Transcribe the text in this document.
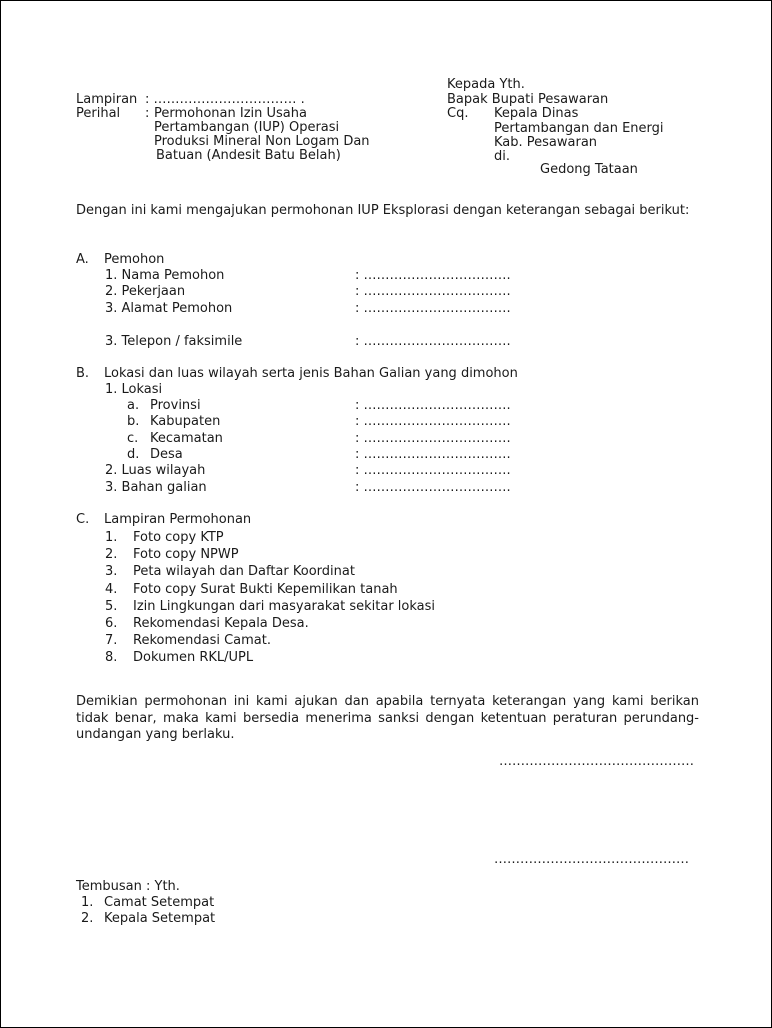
Kepada Yth.
Bapak Bupati Pesawaran
Cq. Kepala Dinas
Pertambangan dan Energi
Kab. Pesawaran
di.
Gedong Tataan
Lampiran : …………………………… .
Perihal : Permohonan Izin Usaha
Pertambangan (IUP) Operasi
Produksi Mineral Non Logam Dan
Batuan (Andesit Batu Belah)
Dengan ini kami mengajukan permohonan IUP Eksplorasi dengan keterangan sebagai berikut:
A. Pemohon
1. Nama Pemohon	: …………………………….
2. Pekerjaan	: …………………………….
3. Alamat Pemohon	: …………………………….
3. Telepon / faksimile	: …………………………….
B. Lokasi dan luas wilayah serta jenis Bahan Galian yang dimohon
1. Lokasi
a. Provinsi	: …………………………….
b. Kabupaten	: …………………………….
c. Kecamatan	: …………………………….
d. Desa	: …………………………….
2. Luas wilayah	: …………………………….
3. Bahan galian	: …………………………….
C. Lampiran Permohonan
1. Foto copy KTP
2. Foto copy NPWP
3. Peta wilayah dan Daftar Koordinat
4. Foto copy Surat Bukti Kepemilikan tanah
5. Izin Lingkungan dari masyarakat sekitar lokasi
6. Rekomendasi Kepala Desa.
7. Rekomendasi Camat.
8. Dokumen RKL/UPL
Demikian permohonan ini kami ajukan dan apabila ternyata keterangan yang kami berikan tidak benar, maka kami bersedia menerima sanksi dengan ketentuan peraturan perundang-undangan yang berlaku.
………………………………………
………………………………………
Tembusan : Yth.
1. Camat Setempat
2. Kepala Setempat
